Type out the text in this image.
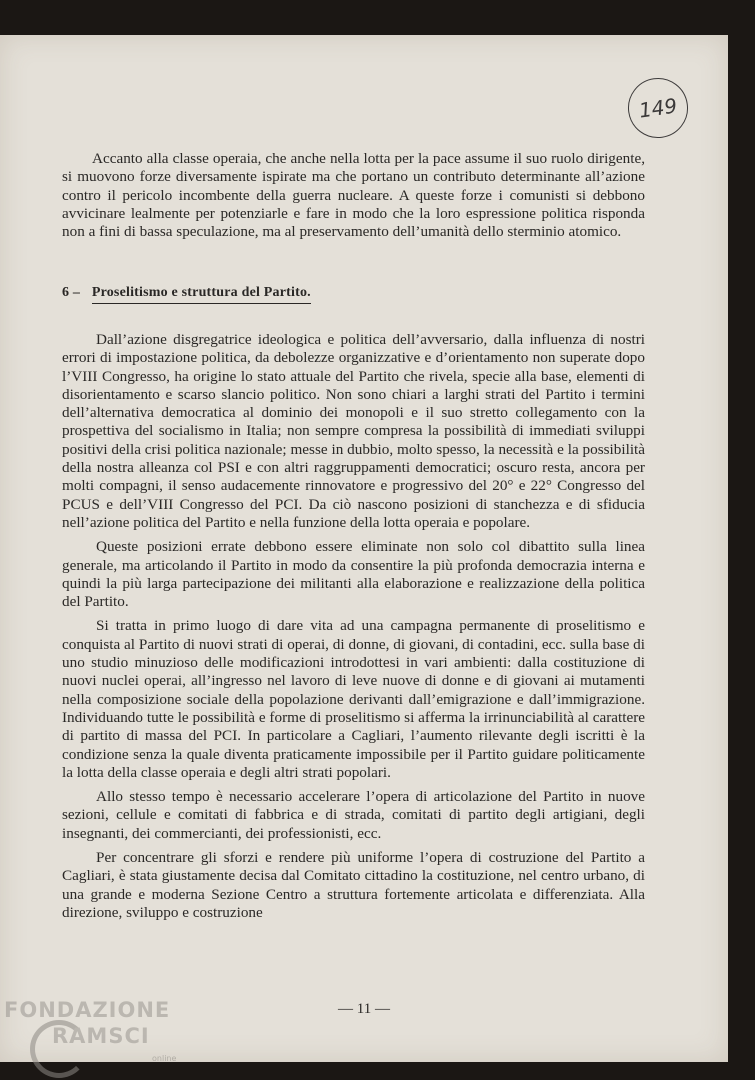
149

Accanto alla classe operaia, che anche nella lotta per la pace assume il suo ruolo dirigente, si muovono forze diversamente ispirate ma che portano un contributo determinante all’azione contro il pericolo incombente della guerra nucleare. A queste forze i comunisti si debbono avvicinare lealmente per potenziarle e fare in modo che la loro espressione politica risponda non a fini di bassa speculazione, ma al preservamento dell’umanità dello sterminio atomico.

6 – Proselitismo e struttura del Partito.

Dall’azione disgregatrice ideologica e politica dell’avversario, dalla influenza di nostri errori di impostazione politica, da debolezze organizzative e d’orientamento non superate dopo l’VIII Congresso, ha origine lo stato attuale del Partito che rivela, specie alla base, elementi di disorientamento e scarso slancio politico. Non sono chiari a larghi strati del Partito i termini dell’alternativa democratica al dominio dei monopoli e il suo stretto collegamento con la prospettiva del socialismo in Italia; non sempre compresa la possibilità di immediati sviluppi positivi della crisi politica nazionale; messe in dubbio, molto spesso, la necessità e la possibilità della nostra alleanza col PSI e con altri raggruppamenti democratici; oscuro resta, ancora per molti compagni, il senso audacemente rinnovatore e progressivo del 20° e 22° Congresso del PCUS e dell’VIII Congresso del PCI. Da ciò nascono posizioni di stanchezza e di sfiducia nell’azione politica del Partito e nella funzione della lotta operaia e popolare.

Queste posizioni errate debbono essere eliminate non solo col dibattito sulla linea generale, ma articolando il Partito in modo da consentire la più profonda democrazia interna e quindi la più larga partecipazione dei militanti alla elaborazione e realizzazione della politica del Partito.

Si tratta in primo luogo di dare vita ad una campagna permanente di proselitismo e conquista al Partito di nuovi strati di operai, di donne, di giovani, di contadini, ecc. sulla base di uno studio minuzioso delle modificazioni introdottesi in vari ambienti: dalla costituzione di nuovi nuclei operai, all’ingresso nel lavoro di leve nuove di donne e di giovani ai mutamenti nella composizione sociale della popolazione derivanti dall’emigrazione e dall’immigrazione. Individuando tutte le possibilità e forme di proselitismo si afferma la irrinunciabilità al carattere di partito di massa del PCI. In particolare a Cagliari, l’aumento rilevante degli iscritti è la condizione senza la quale diventa praticamente impossibile per il Partito guidare politicamente la lotta della classe operaia e degli altri strati popolari.

Allo stesso tempo è necessario accelerare l’opera di articolazione del Partito in nuove sezioni, cellule e comitati di fabbrica e di strada, comitati di partito degli artigiani, degli insegnanti, dei commercianti, dei professionisti, ecc.

Per concentrare gli sforzi e rendere più uniforme l’opera di costruzione del Partito a Cagliari, è stata giustamente decisa dal Comitato cittadino la costituzione, nel centro urbano, di una grande e moderna Sezione Centro a struttura fortemente articolata e differenziata. Alla direzione, sviluppo e costruzione

— 11 —
FONDAZIONE
RAMSCI
online
